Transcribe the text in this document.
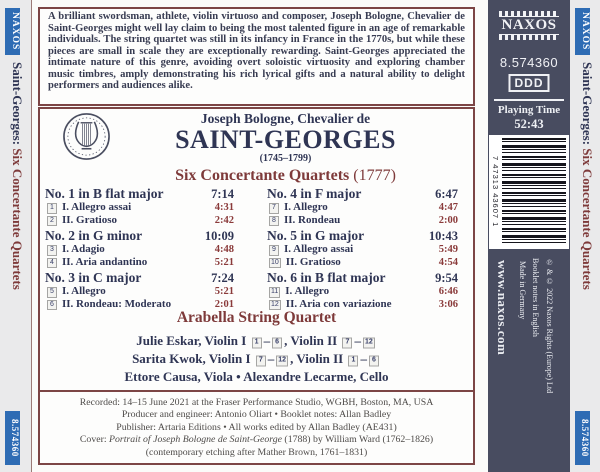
NAXOS
Saint-Georges: Six Concertante Quartets
8.574360

A brilliant swordsman, athlete, violin virtuoso and composer, Joseph Bologne, Chevalier de Saint-Georges might well lay claim to being the most talented figure in an age of remarkable individuals. The string quartet was still in its infancy in France in the 1770s, but while these pieces are small in scale they are exceptionally rewarding. Saint-Georges appreciated the intimate nature of this genre, avoiding overt soloistic virtuosity and exploring chamber music timbres, amply demonstrating his rich lyrical gifts and a natural ability to delight performers and audiences alike.

Joseph Bologne, Chevalier de
SAINT-GEORGES
(1745–1799)
Six Concertante Quartets (1777)
No. 1 in B flat major	7:14
1 I. Allegro assai	4:31
2 II. Gratioso	2:42
No. 2 in G minor	10:09
3 I. Adagio	4:48
4 II. Aria andantino	5:21
No. 3 in C major	7:24
5 I. Allegro	5:21
6 II. Rondeau: Moderato	2:01
No. 4 in F major	6:47
7 I. Allegro	4:47
8 II. Rondeau	2:00
No. 5 in G major	10:43
9 I. Allegro assai	5:49
10 II. Gratioso	4:54
No. 6 in B flat major	9:54
11 I. Allegro	6:46
12 II. Aria con variazione	3:06
Arabella String Quartet
Julie Eskar, Violin I 1 – 6 , Violin II 7 – 12
Sarita Kwok, Violin I 7 – 12 , Violin II 1 – 6
Ettore Causa, Viola • Alexandre Lecarme, Cello
Recorded: 14–15 June 2021 at the Fraser Performance Studio, WGBH, Boston, MA, USA
Producer and engineer: Antonio Oliart • Booklet notes: Allan Badley
Publisher: Artaria Editions • All works edited by Allan Badley (AE431)
Cover: Portrait of Joseph Bologne de Saint-George (1788) by William Ward (1762–1826)
(contemporary etching after Mather Brown, 1761–1831)
NAXOS
8.574360
DDD
Playing Time
52:43
7 47313 43607 1
www.naxos.com Made in Germany Booklet notes in English ℗ & © 2022 Naxos Rights (Europe) Ltd
NAXOS
Saint-Georges: Six Concertante Quartets
8.574360
